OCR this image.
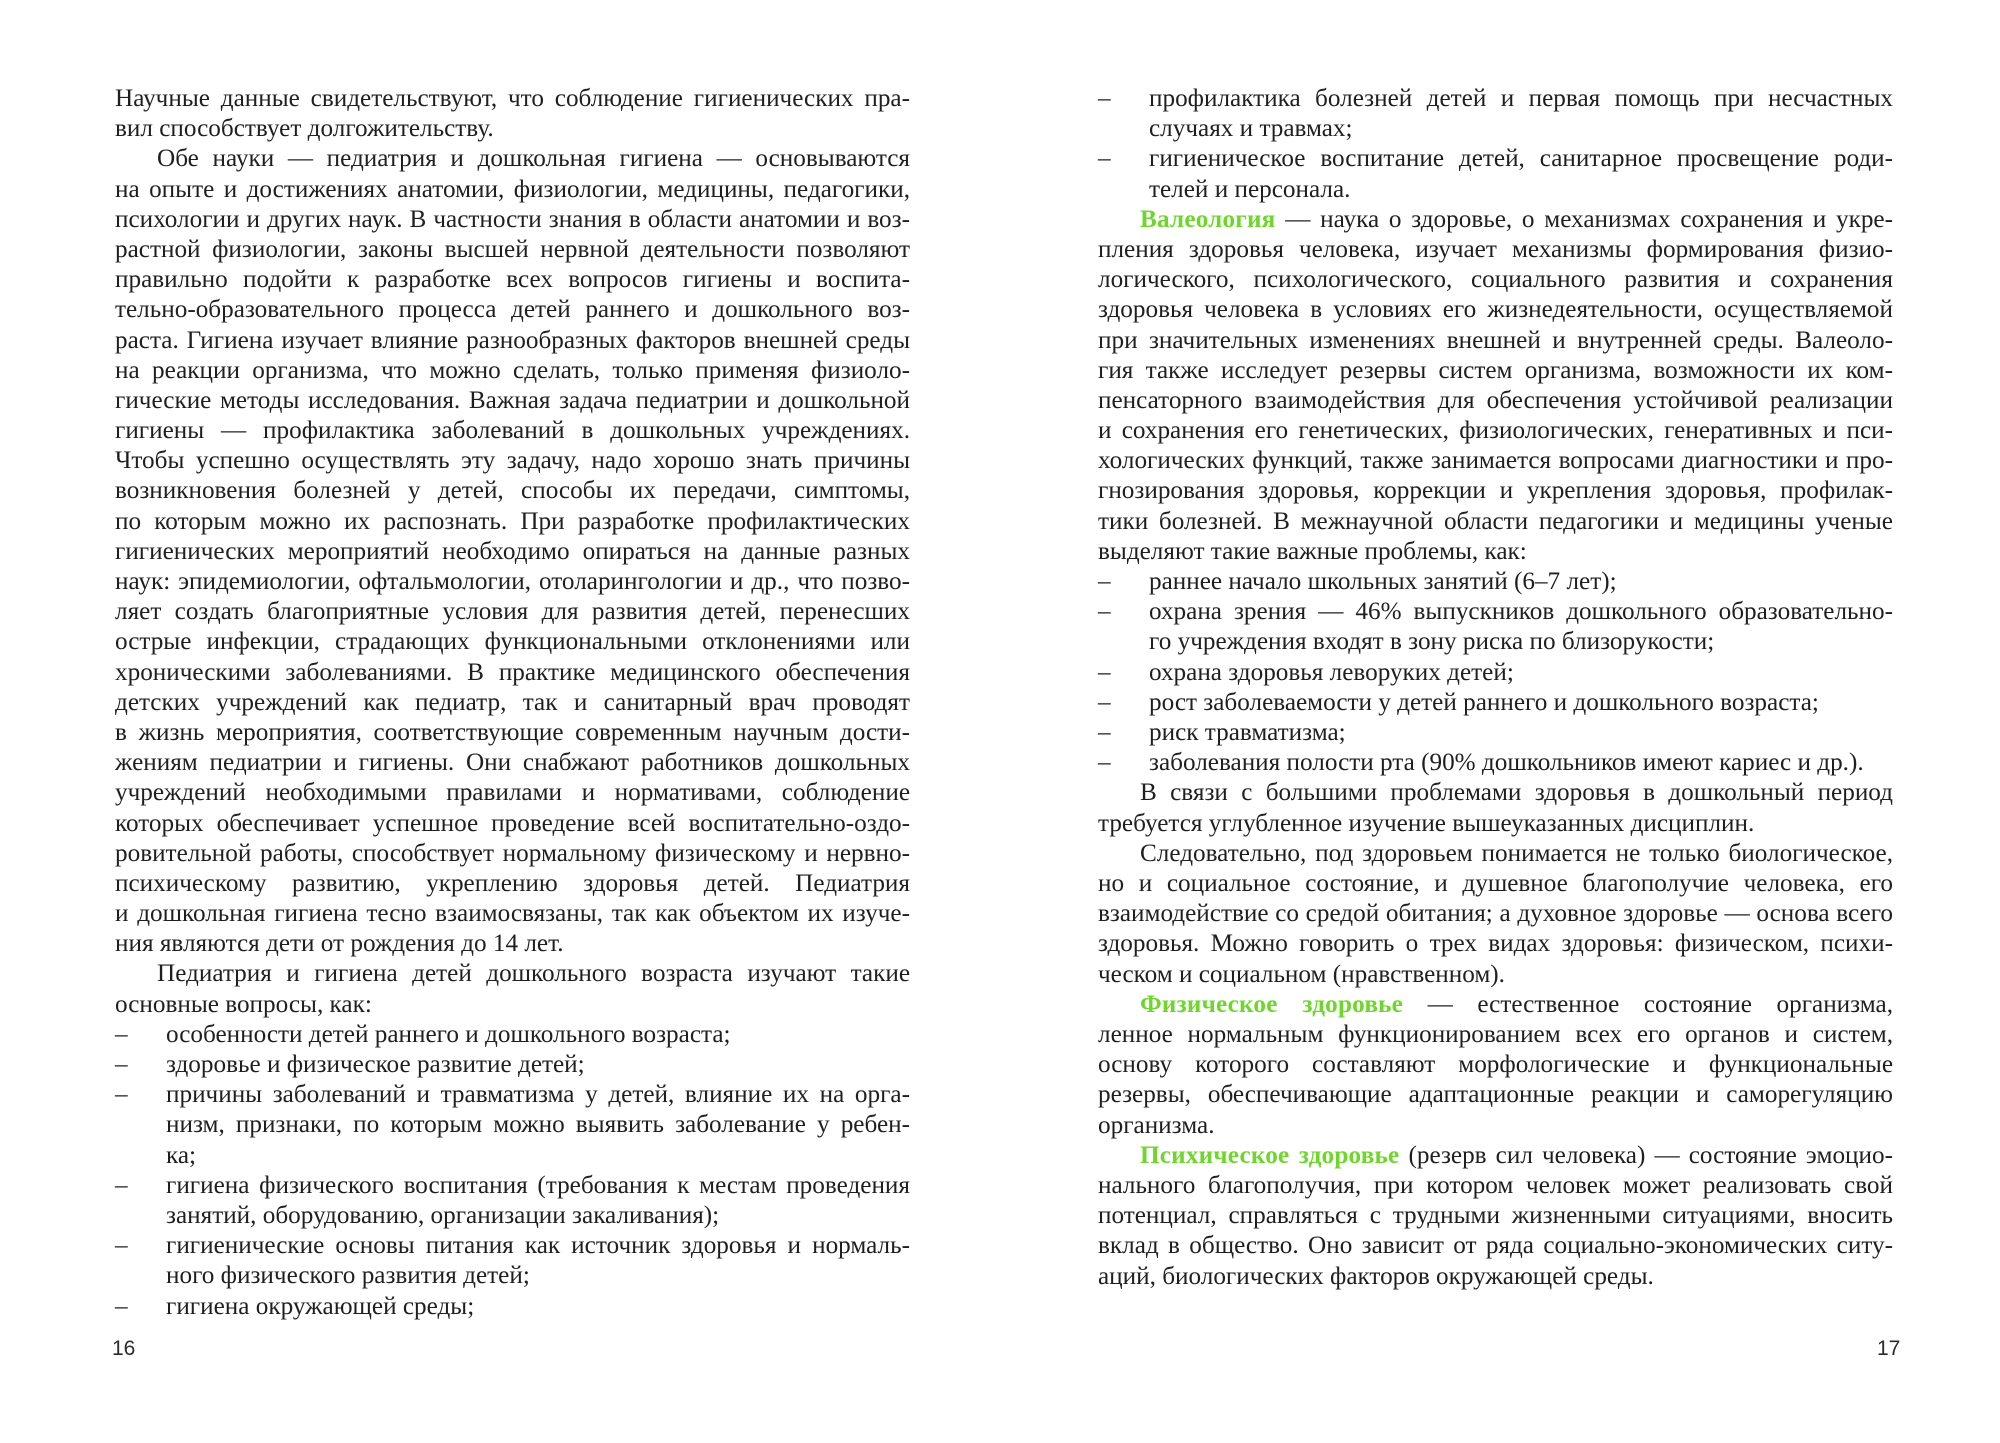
Научные данные свидетельствуют, что соблюдение гигиенических пра-
вил способствует долгожительству.
Обе науки — педиатрия и дошкольная гигиена — основываются
на опыте и достижениях анатомии, физиологии, медицины, педагогики,
психологии и других наук. В частности знания в области анатомии и воз-
растной физиологии, законы высшей нервной деятельности позволяют
правильно подойти к разработке всех вопросов гигиены и воспита-
тельно-образовательного процесса детей раннего и дошкольного воз-
раста. Гигиена изучает влияние разнообразных факторов внешней среды
на реакции организма, что можно сделать, только применяя физиоло-
гические методы исследования. Важная задача педиатрии и дошкольной
гигиены — профилактика заболеваний в дошкольных учреждениях.
Чтобы успешно осуществлять эту задачу, надо хорошо знать причины
возникновения болезней у детей, способы их передачи, симптомы,
по которым можно их распознать. При разработке профилактических
гигиенических мероприятий необходимо опираться на данные разных
наук: эпидемиологии, офтальмологии, отоларингологии и др., что позво-
ляет создать благоприятные условия для развития детей, перенесших
острые инфекции, страдающих функциональными отклонениями или
хроническими заболеваниями. В практике медицинского обеспечения
детских учреждений как педиатр, так и санитарный врач проводят
в жизнь мероприятия, соответствующие современным научным дости-
жениям педиатрии и гигиены. Они снабжают работников дошкольных
учреждений необходимыми правилами и нормативами, соблюдение
которых обеспечивает успешное проведение всей воспитательно-оздо-
ровительной работы, способствует нормальному физическому и нервно-
психическому развитию, укреплению здоровья детей. Педиатрия
и дошкольная гигиена тесно взаимосвязаны, так как объектом их изуче-
ния являются дети от рождения до 14 лет.
Педиатрия и гигиена детей дошкольного возраста изучают такие
основные вопросы, как:
– особенности детей раннего и дошкольного возраста;
– здоровье и физическое развитие детей;
– причины заболеваний и травматизма у детей, влияние их на орга-
низм, признаки, по которым можно выявить заболевание у ребен-
ка;
– гигиена физического воспитания (требования к местам проведения
занятий, оборудованию, организации закаливания);
– гигиенические основы питания как источник здоровья и нормаль-
ного физического развития детей;
– гигиена окружающей среды;
16
– профилактика болезней детей и первая помощь при несчастных
случаях и травмах;
– гигиеническое воспитание детей, санитарное просвещение роди-
телей и персонала.
Валеология — наука о здоровье, о механизмах сохранения и укре-
пления здоровья человека, изучает механизмы формирования физио-
логического, психологического, социального развития и сохранения
здоровья человека в условиях его жизнедеятельности, осуществляемой
при значительных изменениях внешней и внутренней среды. Валеоло-
гия также исследует резервы систем организма, возможности их ком-
пенсаторного взаимодействия для обеспечения устойчивой реализации
и сохранения его генетических, физиологических, генеративных и пси-
хологических функций, также занимается вопросами диагностики и про-
гнозирования здоровья, коррекции и укрепления здоровья, профилак-
тики болезней. В межнаучной области педагогики и медицины ученые
выделяют такие важные проблемы, как:
– раннее начало школьных занятий (6–7 лет);
– охрана зрения — 46% выпускников дошкольного образовательно-
го учреждения входят в зону риска по близорукости;
– охрана здоровья леворуких детей;
– рост заболеваемости у детей раннего и дошкольного возраста;
– риск травматизма;
– заболевания полости рта (90% дошкольников имеют кариес и др.).
В связи с большими проблемами здоровья в дошкольный период
требуется углубленное изучение вышеуказанных дисциплин.
Следовательно, под здоровьем понимается не только биологическое,
но и социальное состояние, и душевное благополучие человека, его
взаимодействие со средой обитания; а духовное здоровье — основа всего
здоровья. Можно говорить о трех видах здоровья: физическом, психи-
ческом и социальном (нравственном).
Физическое здоровье — естественное состояние организма,
ленное нормальным функционированием всех его органов и систем,
основу которого составляют морфологические и функциональные
резервы, обеспечивающие адаптационные реакции и саморегуляцию
организма.
Психическое здоровье (резерв сил человека) — состояние эмоцио-
нального благополучия, при котором человек может реализовать свой
потенциал, справляться с трудными жизненными ситуациями, вносить
вклад в общество. Оно зависит от ряда социально-экономических ситу-
аций, биологических факторов окружающей среды.
17
